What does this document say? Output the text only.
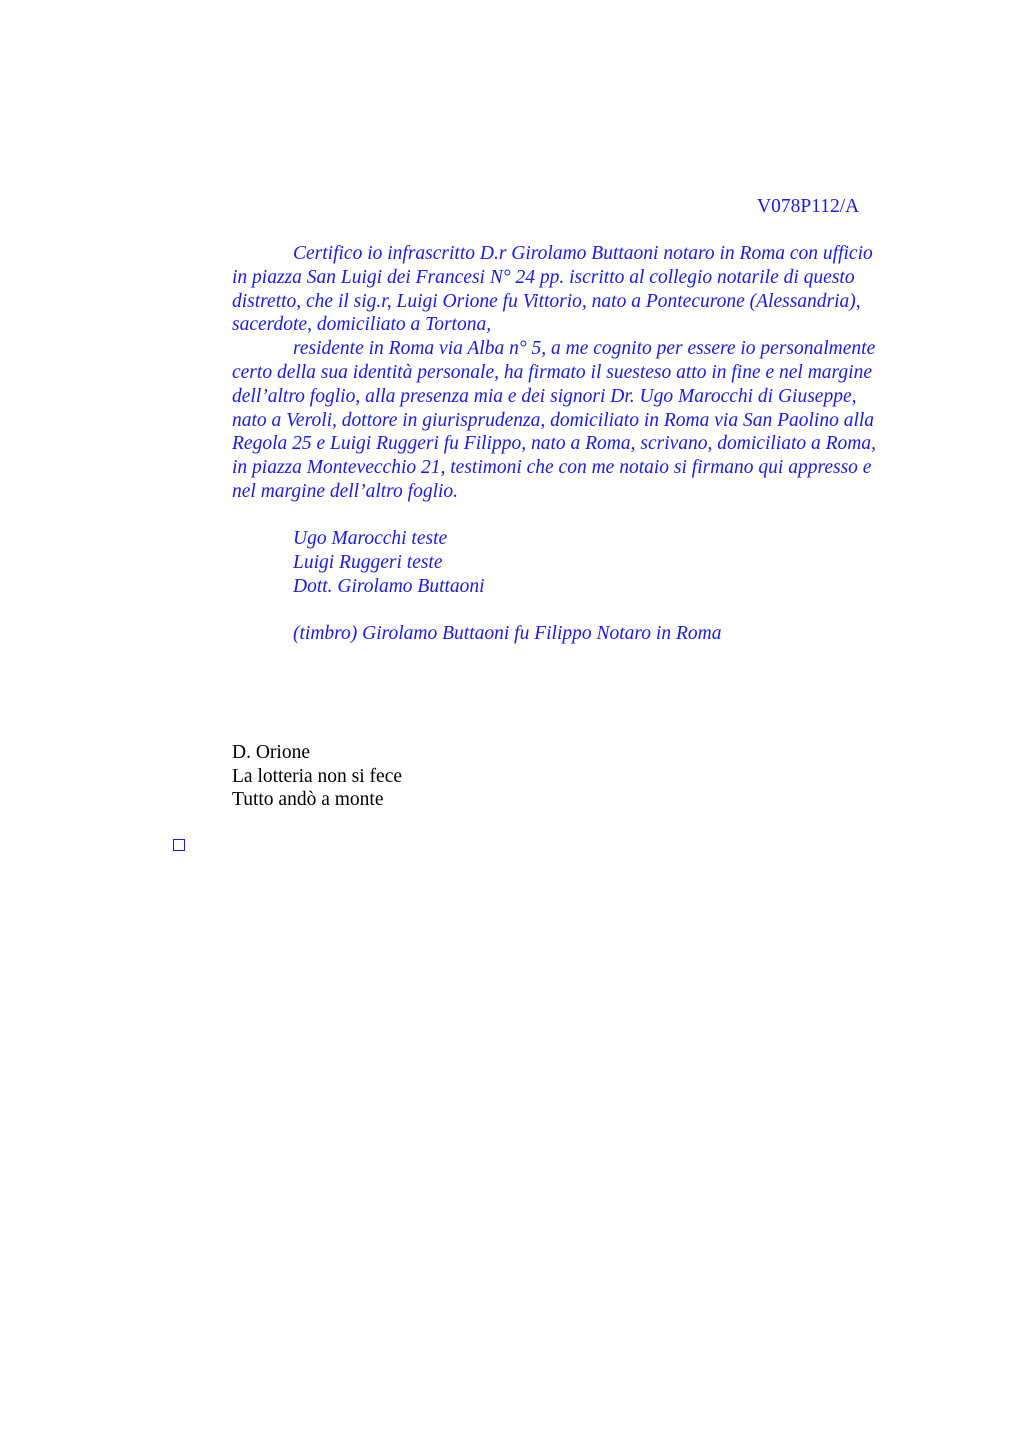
V078P112/A

Certifico io infrascritto D.r Girolamo Buttaoni notaro in Roma con ufficio
in piazza San Luigi dei Francesi N° 24 pp. iscritto al collegio notarile di questo
distretto, che il sig.r, Luigi Orione fu Vittorio, nato a Pontecurone (Alessandria),
sacerdote, domiciliato a Tortona,

residente in Roma via Alba n° 5, a me cognito per essere io personalmente
certo della sua identità personale, ha firmato il suesteso atto in fine e nel margine
dell’altro foglio, alla presenza mia e dei signori Dr. Ugo Marocchi di Giuseppe,
nato a Veroli, dottore in giurisprudenza, domiciliato in Roma via San Paolino alla
Regola 25 e Luigi Ruggeri fu Filippo, nato a Roma, scrivano, domiciliato a Roma,
in piazza Montevecchio 21, testimoni che con me notaio si firmano qui appresso e
nel margine dell’altro foglio.

Ugo Marocchi teste
Luigi Ruggeri teste
Dott. Girolamo Buttaoni
(timbro) Girolamo Buttaoni fu Filippo Notaro in Roma
D. Orione
La lotteria non si fece
Tutto andò a monte
